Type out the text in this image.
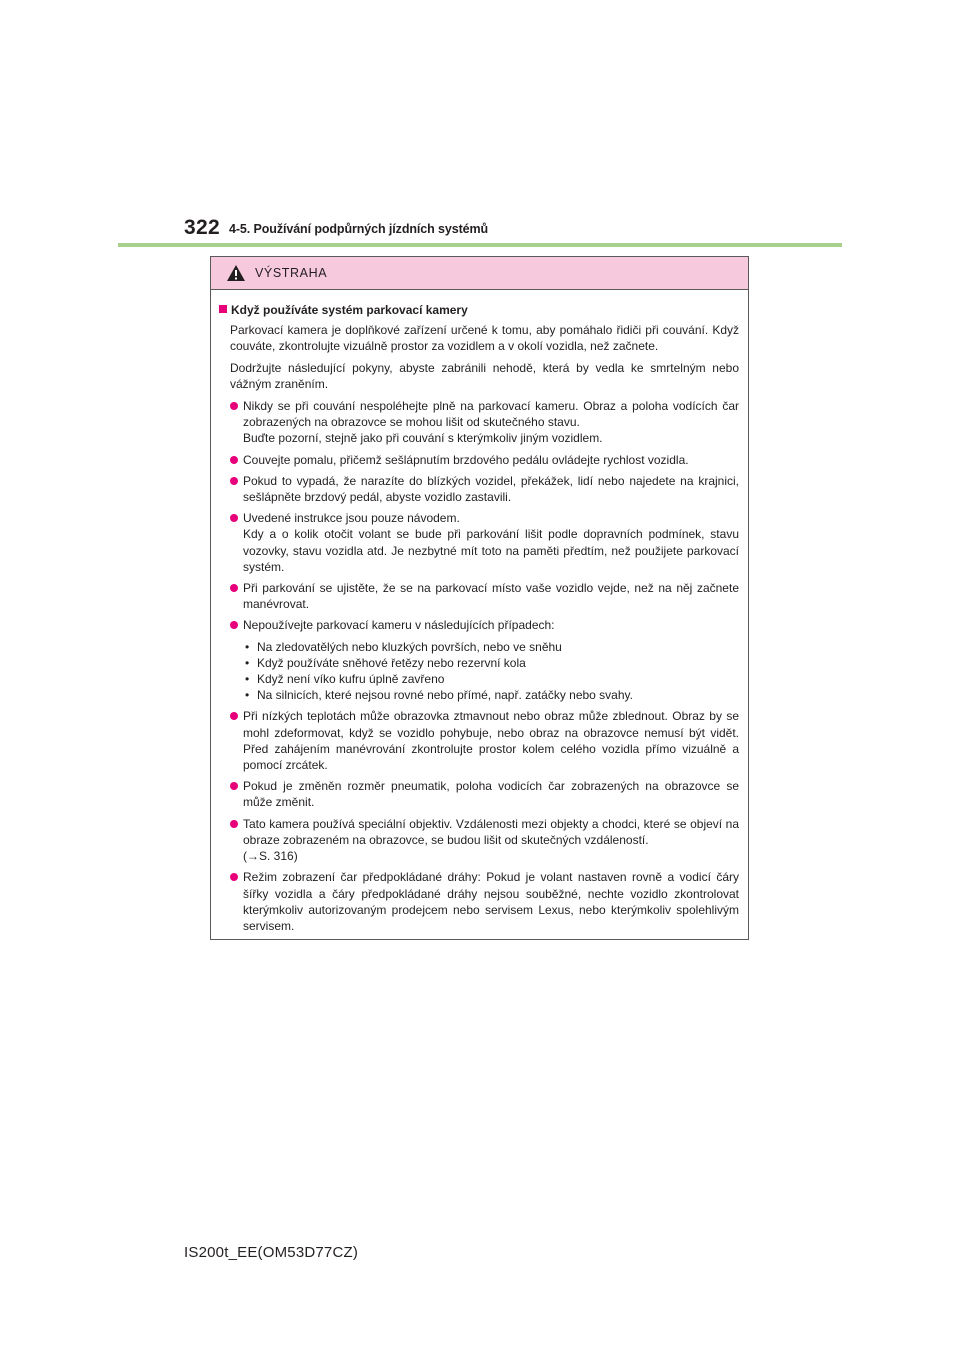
322 4-5. Používání podpůrných jízdních systémů
VÝSTRAHA
Když používáte systém parkovací kamery
Parkovací kamera je doplňkové zařízení určené k tomu, aby pomáhalo řidiči při couvání. Když couváte, zkontrolujte vizuálně prostor za vozidlem a v okolí vozidla, než začnete.
Dodržujte následující pokyny, abyste zabránili nehodě, která by vedla ke smrtelným nebo vážným zraněním.
Nikdy se při couvání nespoléhejte plně na parkovací kameru. Obraz a poloha vodících čar zobrazených na obrazovce se mohou lišit od skutečného stavu.
Buďte pozorní, stejně jako při couvání s kterýmkoliv jiným vozidlem.
Couvejte pomalu, přičemž sešlápnutím brzdového pedálu ovládejte rychlost vozidla.
Pokud to vypadá, že narazíte do blízkých vozidel, překážek, lidí nebo najedete na krajnici, sešlápněte brzdový pedál, abyste vozidlo zastavili.
Uvedené instrukce jsou pouze návodem.
Kdy a o kolik otočit volant se bude při parkování lišit podle dopravních podmínek, stavu vozovky, stavu vozidla atd. Je nezbytné mít toto na paměti předtím, než použijete parkovací systém.
Při parkování se ujistěte, že se na parkovací místo vaše vozidlo vejde, než na něj začnete manévrovat.
Nepoužívejte parkovací kameru v následujících případech:
• Na zledovatělých nebo kluzkých površích, nebo ve sněhu
• Když používáte sněhové řetězy nebo rezervní kola
• Když není víko kufru úplně zavřeno
• Na silnicích, které nejsou rovné nebo přímé, např. zatáčky nebo svahy.
Při nízkých teplotách může obrazovka ztmavnout nebo obraz může zblednout. Obraz by se mohl zdeformovat, když se vozidlo pohybuje, nebo obraz na obrazovce nemusí být vidět. Před zahájením manévrování zkontrolujte prostor kolem celého vozidla přímo vizuálně a pomocí zrcátek.
Pokud je změněn rozměr pneumatik, poloha vodicích čar zobrazených na obrazovce se může změnit.
Tato kamera používá speciální objektiv. Vzdálenosti mezi objekty a chodci, které se objeví na obraze zobrazeném na obrazovce, se budou lišit od skutečných vzdáleností.
(→S. 316)
Režim zobrazení čar předpokládané dráhy: Pokud je volant nastaven rovně a vodicí čáry šířky vozidla a čáry předpokládané dráhy nejsou souběžné, nechte vozidlo zkontrolovat kterýmkoliv autorizovaným prodejcem nebo servisem Lexus, nebo kterýmkoliv spolehlivým servisem.
IS200t_EE(OM53D77CZ)
